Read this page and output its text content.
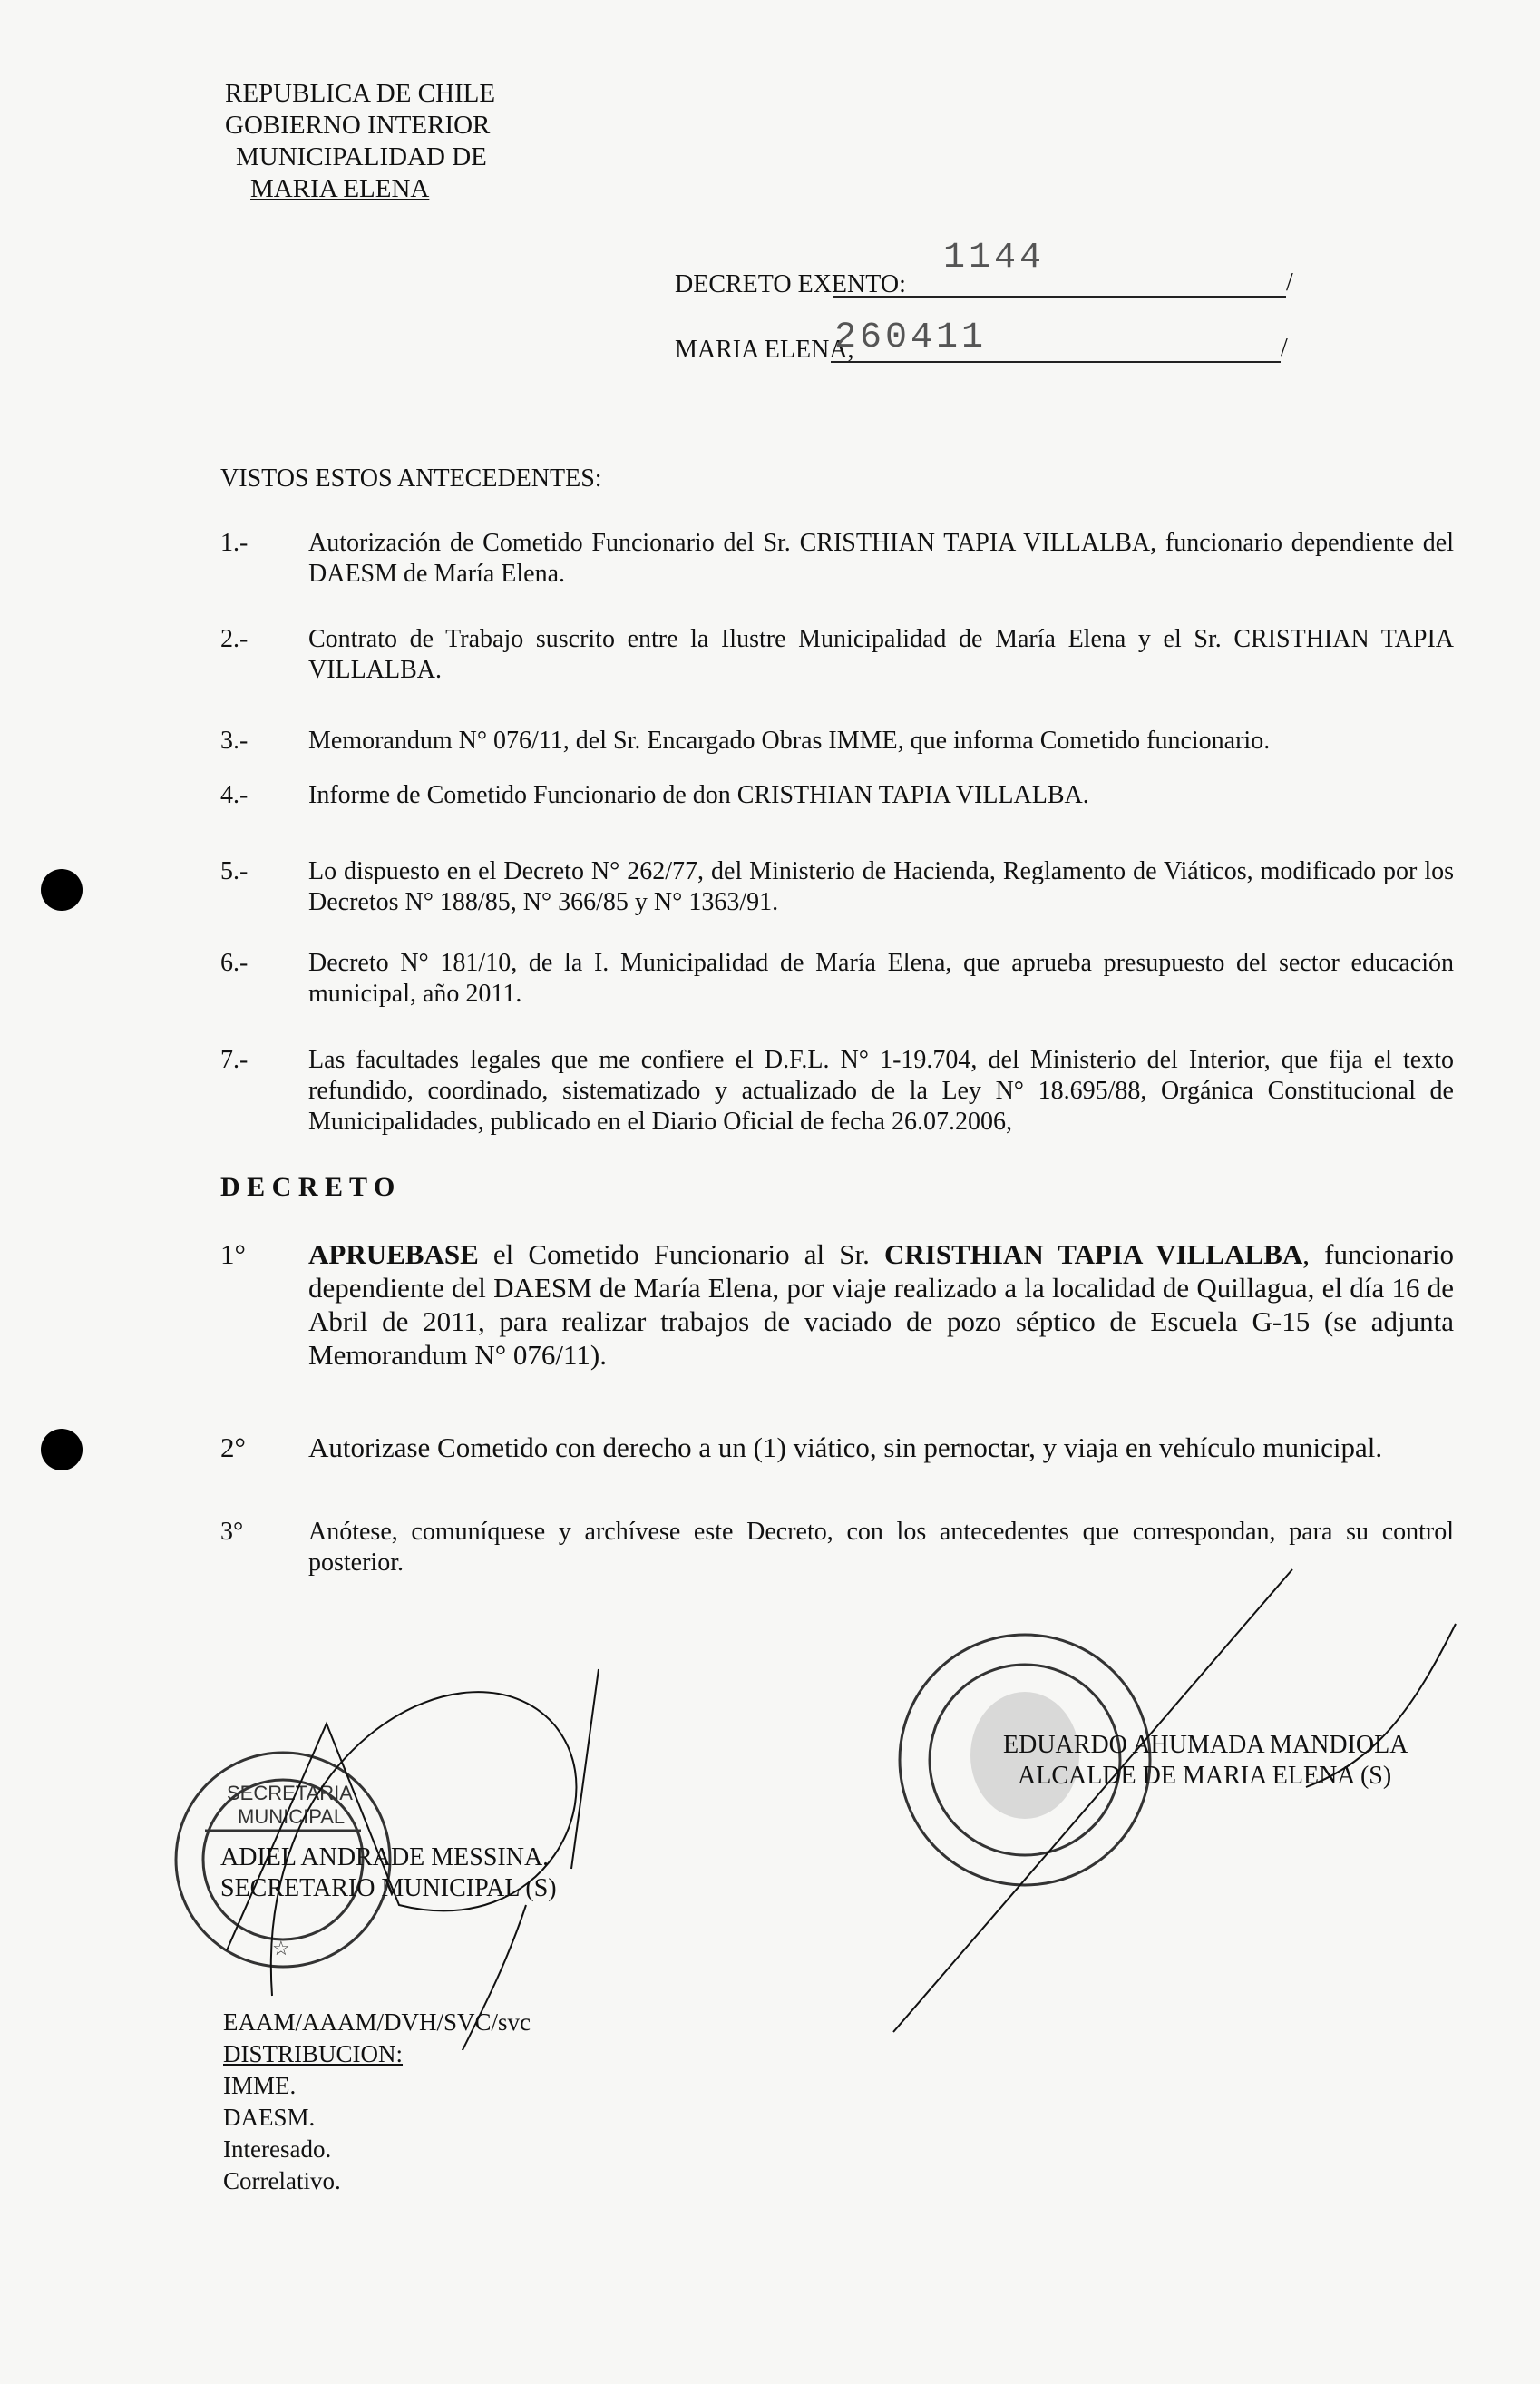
REPUBLICA DE CHILE
GOBIERNO INTERIOR
MUNICIPALIDAD DE
MARIA ELENA
DECRETO EXENTO:	/
1144
MARIA ELENA,	/
260411
VISTOS ESTOS ANTECEDENTES:
1.- Autorización de Cometido Funcionario del Sr. CRISTHIAN TAPIA VILLALBA, funcionario dependiente del DAESM de María Elena.
2.- Contrato de Trabajo suscrito entre la Ilustre Municipalidad de María Elena y el Sr. CRISTHIAN TAPIA VILLALBA.
3.- Memorandum N° 076/11, del Sr. Encargado Obras IMME, que informa Cometido funcionario.
4.- Informe de Cometido Funcionario de don CRISTHIAN TAPIA VILLALBA.
5.- Lo dispuesto en el Decreto N° 262/77, del Ministerio de Hacienda, Reglamento de Viáticos, modificado por los Decretos N° 188/85, N° 366/85 y N° 1363/91.
6.- Decreto N° 181/10, de la I. Municipalidad de María Elena, que aprueba presupuesto del sector educación municipal, año 2011.
7.- Las facultades legales que me confiere el D.F.L. N° 1-19.704, del Ministerio del Interior, que fija el texto refundido, coordinado, sistematizado y actualizado de la Ley N° 18.695/88, Orgánica Constitucional de Municipalidades, publicado en el Diario Oficial de fecha 26.07.2006,
D E C R E T O
1° APRUEBASE el Cometido Funcionario al Sr. CRISTHIAN TAPIA VILLALBA, funcionario dependiente del DAESM de María Elena, por viaje realizado a la localidad de Quillagua, el día 16 de Abril de 2011, para realizar trabajos de vaciado de pozo séptico de Escuela G-15 (se adjunta Memorandum N° 076/11).
2° Autorizase Cometido con derecho a un (1) viático, sin pernoctar, y viaja en vehículo municipal.
3°	Anótese, comuníquese y archívese este Decreto, con los antecedentes que correspondan, para su control posterior.
SECRETARIA
MUNICIPAL
☆
ADIEL ANDRADE MESSINA.
SECRETARIO MUNICIPAL (S)
EDUARDO AHUMADA MANDIOLA
ALCALDE DE MARIA ELENA (S)
EAAM/AAAM/DVH/SVC/svc
DISTRIBUCION:
IMME.
DAESM.
Interesado.
Correlativo.
